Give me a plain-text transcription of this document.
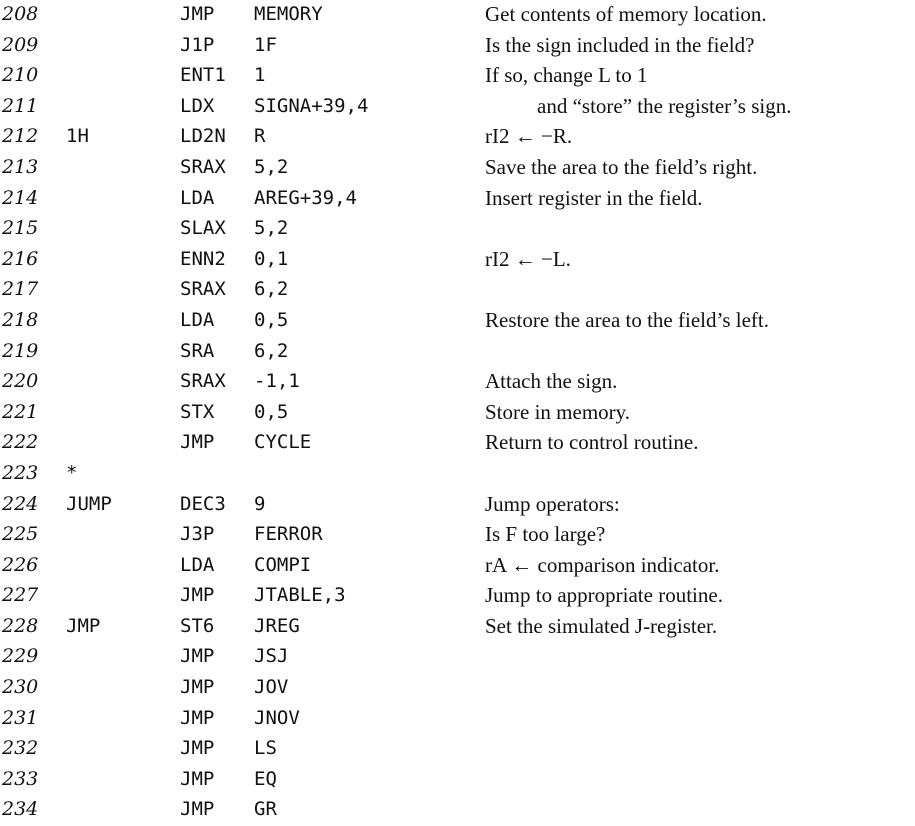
208	JMP MEMORY	Get contents of memory location.
209	J1P 1F	Is the sign included in the field?
210	ENT1 1	If so, change L to 1
211	LDX SIGNA+39,4	and “store” the register’s sign.
212 1H	LD2N R	rI2 ← −R.
213	SRAX 5,2	Save the area to the field’s right.
214	LDA AREG+39,4	Insert register in the field.
215	SLAX 5,2
216	ENN2 0,1	rI2 ← −L.
217	SRAX 6,2
218	LDA 0,5	Restore the area to the field’s left.
219	SRA 6,2
220	SRAX -1,1	Attach the sign.
221	STX 0,5	Store in memory.
222	JMP CYCLE	Return to control routine.
223 *
224 JUMP	DEC3 9	Jump operators:
225	J3P FERROR	Is F too large?
226	LDA COMPI	rA ← comparison indicator.
227	JMP JTABLE,3	Jump to appropriate routine.
228 JMP	ST6 JREG	Set the simulated J-register.
229	JMP JSJ
230	JMP JOV
231	JMP JNOV
232	JMP LS
233	JMP EQ
234	JMP GR
